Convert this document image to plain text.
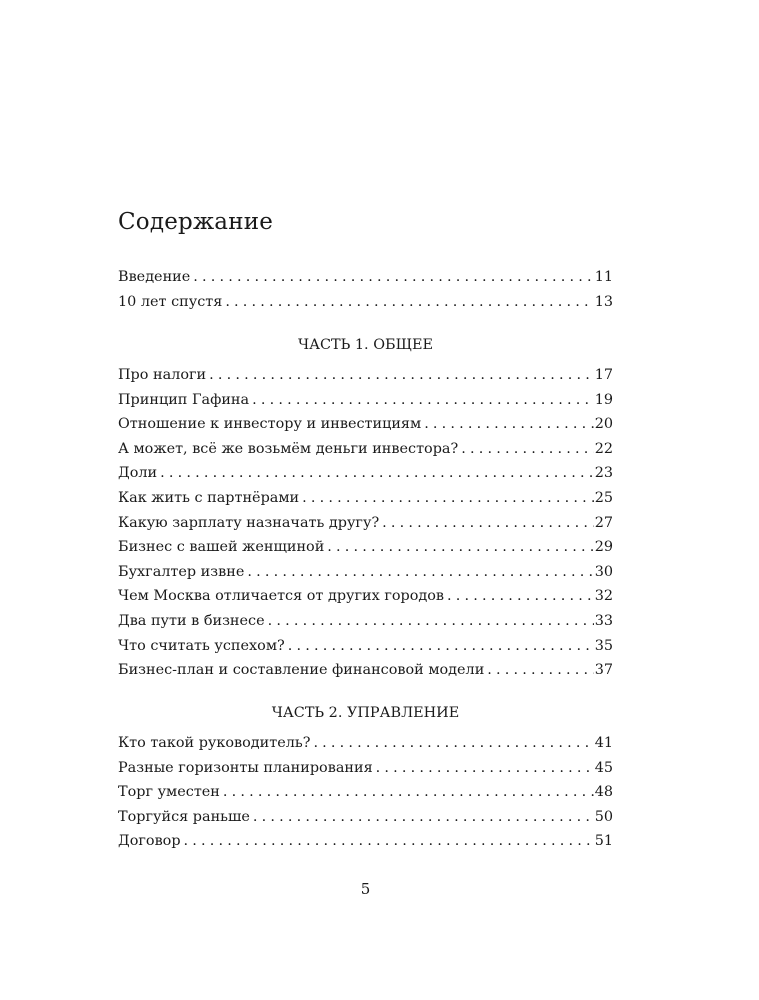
Содержание
Введение . . .	11
10 лет спустя . . .	13
ЧАСТЬ 1. ОБЩЕЕ
Про налоги . . .	17
Принцип Гафина . . .	19
Отношение к инвестору и инвестициям . . .	20
А может, всё же возьмём деньги инвестора? . . .	22
Доли . . .	23
Как жить с партнёрами . . .	25
Какую зарплату назначать другу? . . .	27
Бизнес с вашей женщиной . . .	29
Бухгалтер извне . . .	30
Чем Москва отличается от других городов . . .	32
Два пути в бизнесе . . .	33
Что считать успехом? . . .	35
Бизнес-план и составление финансовой модели . . .	37
ЧАСТЬ 2. УПРАВЛЕНИЕ
Кто такой руководитель? . . .	41
Разные горизонты планирования . . .	45
Торг уместен . . .	48
Торгуйся раньше . . .	50
Договор . . .	51
5
